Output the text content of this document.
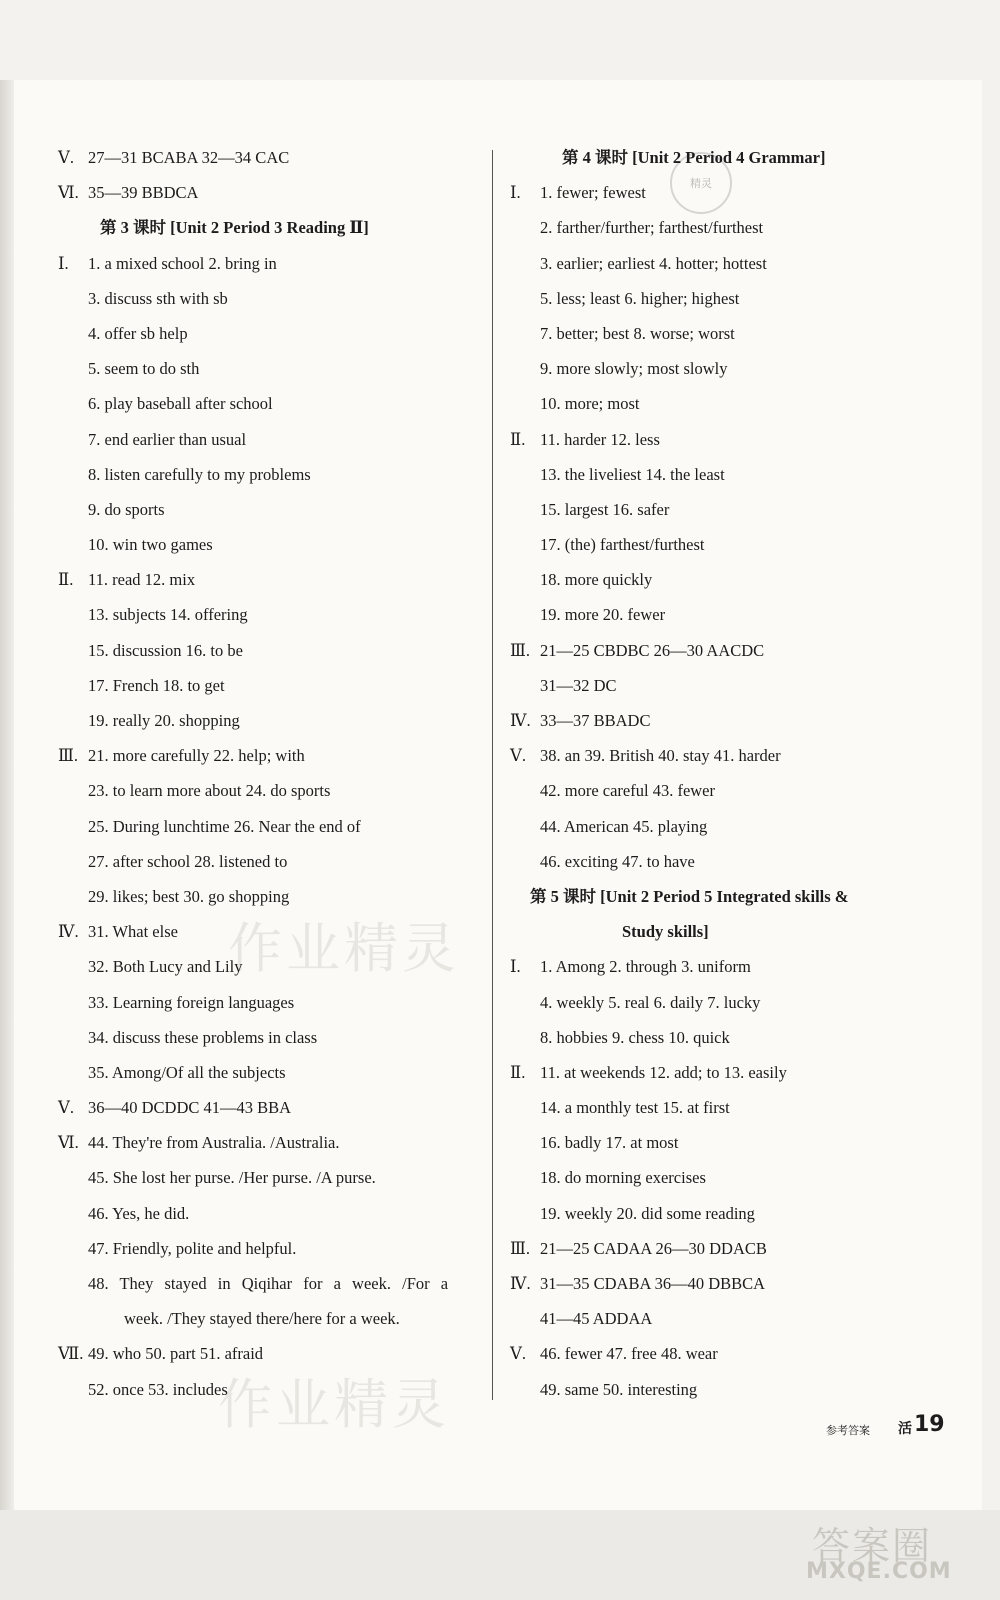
作业精灵
作业精灵
精灵
Ⅴ. 27—31 BCABA 32—34 CAC
Ⅵ. 35—39 BBDCA
第 3 课时 [Unit 2 Period 3 Reading Ⅱ]
Ⅰ. 1. a mixed school 2. bring in
3. discuss sth with sb
4. offer sb help
5. seem to do sth
6. play baseball after school
7. end earlier than usual
8. listen carefully to my problems
9. do sports
10. win two games
Ⅱ. 11. read 12. mix
13. subjects 14. offering
15. discussion 16. to be
17. French 18. to get
19. really 20. shopping
Ⅲ. 21. more carefully 22. help; with
23. to learn more about 24. do sports
25. During lunchtime 26. Near the end of
27. after school 28. listened to
29. likes; best 30. go shopping
Ⅳ. 31. What else
32. Both Lucy and Lily
33. Learning foreign languages
34. discuss these problems in class
35. Among/Of all the subjects
Ⅴ. 36—40 DCDDC 41—43 BBA
Ⅵ. 44. They're from Australia. /Australia.
45. She lost her purse. /Her purse. /A purse.
46. Yes, he did.
47. Friendly, polite and helpful.
48. They stayed in Qiqihar for a week. /For a
week. /They stayed there/here for a week.
Ⅶ. 49. who 50. part 51. afraid
52. once 53. includes
第 4 课时 [Unit 2 Period 4 Grammar]
Ⅰ. 1. fewer; fewest
2. farther/further; farthest/furthest
3. earlier; earliest 4. hotter; hottest
5. less; least 6. higher; highest
7. better; best 8. worse; worst
9. more slowly; most slowly
10. more; most
Ⅱ. 11. harder 12. less
13. the liveliest 14. the least
15. largest 16. safer
17. (the) farthest/furthest
18. more quickly
19. more 20. fewer
Ⅲ. 21—25 CBDBC 26—30 AACDC
31—32 DC
Ⅳ. 33—37 BBADC
Ⅴ. 38. an 39. British 40. stay 41. harder
42. more careful 43. fewer
44. American 45. playing
46. exciting 47. to have
第 5 课时 [Unit 2 Period 5 Integrated skills &
Study skills]
Ⅰ. 1. Among 2. through 3. uniform
4. weekly 5. real 6. daily 7. lucky
8. hobbies 9. chess 10. quick
Ⅱ. 11. at weekends 12. add; to 13. easily
14. a monthly test 15. at first
16. badly 17. at most
18. do morning exercises
19. weekly 20. did some reading
Ⅲ. 21—25 CADAA 26—30 DDACB
Ⅳ. 31—35 CDABA 36—40 DBBCA
41—45 ADDAA
Ⅴ. 46. fewer 47. free 48. wear
49. same 50. interesting
参考答案 活 19
答案圈
MXQE.COM
